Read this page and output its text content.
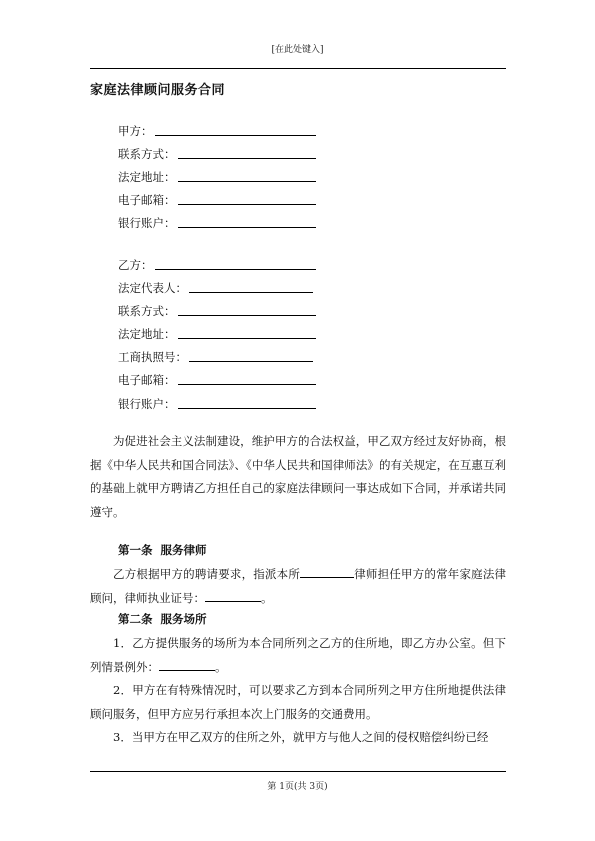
[在此处键入]
家庭法律顾问服务合同
甲方：
联系方式：
法定地址：
电子邮箱：
银行账户：
乙方：
法定代表人：
联系方式：
法定地址：
工商执照号：
电子邮箱：
银行账户：

为促进社会主义法制建设，维护甲方的合法权益，甲乙双方经过友好协商，根据《中华人民共和国合同法》、《中华人民共和国律师法》的有关规定，在互惠互利的基础上就甲方聘请乙方担任自己的家庭法律顾问一事达成如下合同，并承诺共同遵守。

第一条 服务律师

乙方根据甲方的聘请要求，指派本所	律师担任甲方的常年家庭法律顾问，律师执业证号：	。

第二条 服务场所

1．乙方提供服务的场所为本合同所列之乙方的住所地，即乙方办公室。但下列情景例外：	。

2．甲方在有特殊情况时，可以要求乙方到本合同所列之甲方住所地提供法律顾问服务，但甲方应另行承担本次上门服务的交通费用。

3．当甲方在甲乙双方的住所之外，就甲方与他人之间的侵权赔偿纠纷已经

第 1页(共 3页)
